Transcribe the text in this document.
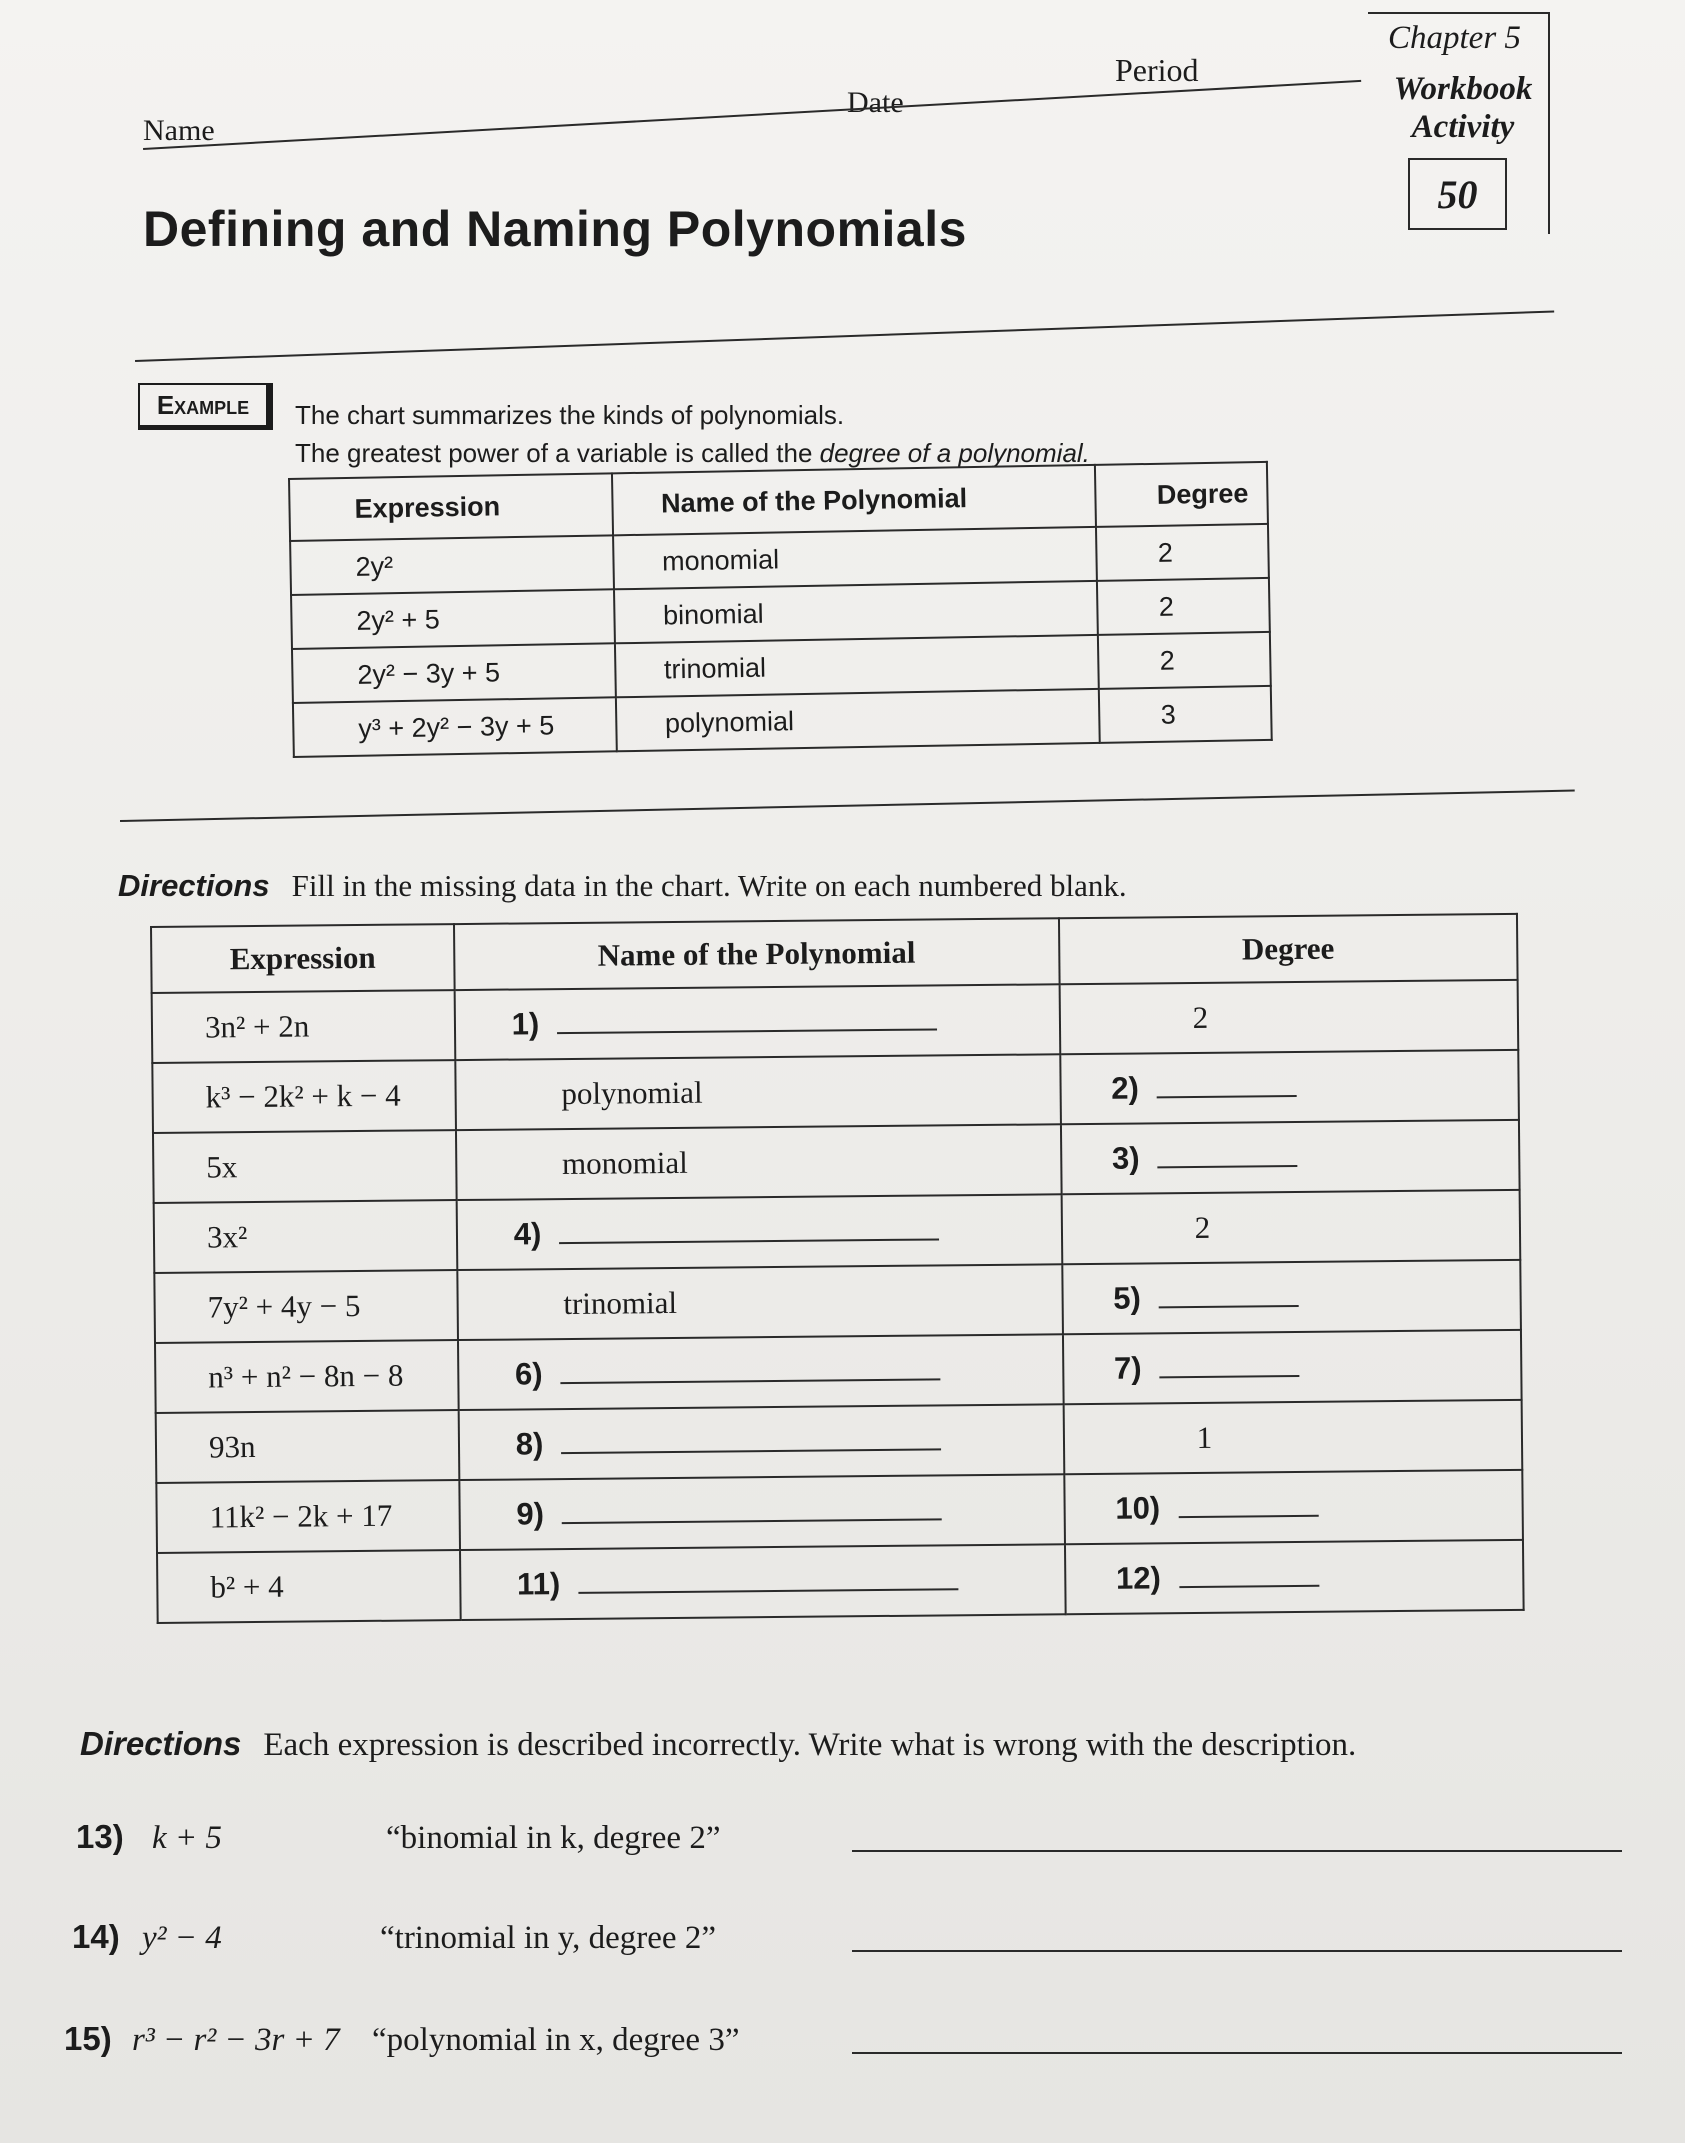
Name
Date
Period
Chapter 5
Workbook Activity
50
Defining and Naming Polynomials
Example	The chart summarizes the kinds of polynomials.
The greatest power of a variable is called the degree of a polynomial.
Expression	Name of the Polynomial	Degree
2y²	monomial	2
2y² + 5	binomial	2
2y² − 3y + 5	trinomial	2
y³ + 2y² − 3y + 5	polynomial	3
Directions Fill in the missing data in the chart. Write on each numbered blank.
Expression	Name of the Polynomial	Degree
3n² + 2n	1)	2
k³ − 2k² + k − 4	polynomial	2)
5x	monomial	3)
3x²	4)	2
7y² + 4y − 5	trinomial	5)
n³ + n² − 8n − 8	6)	7)
93n	8)	1
11k² − 2k + 17	9)	10)
b² + 4	11)	12)
Directions Each expression is described incorrectly. Write what is wrong with the description.
13) k + 5	“binomial in k, degree 2”
14) y² − 4	“trinomial in y, degree 2”
15) r³ − r² − 3r + 7 “polynomial in x, degree 3”
